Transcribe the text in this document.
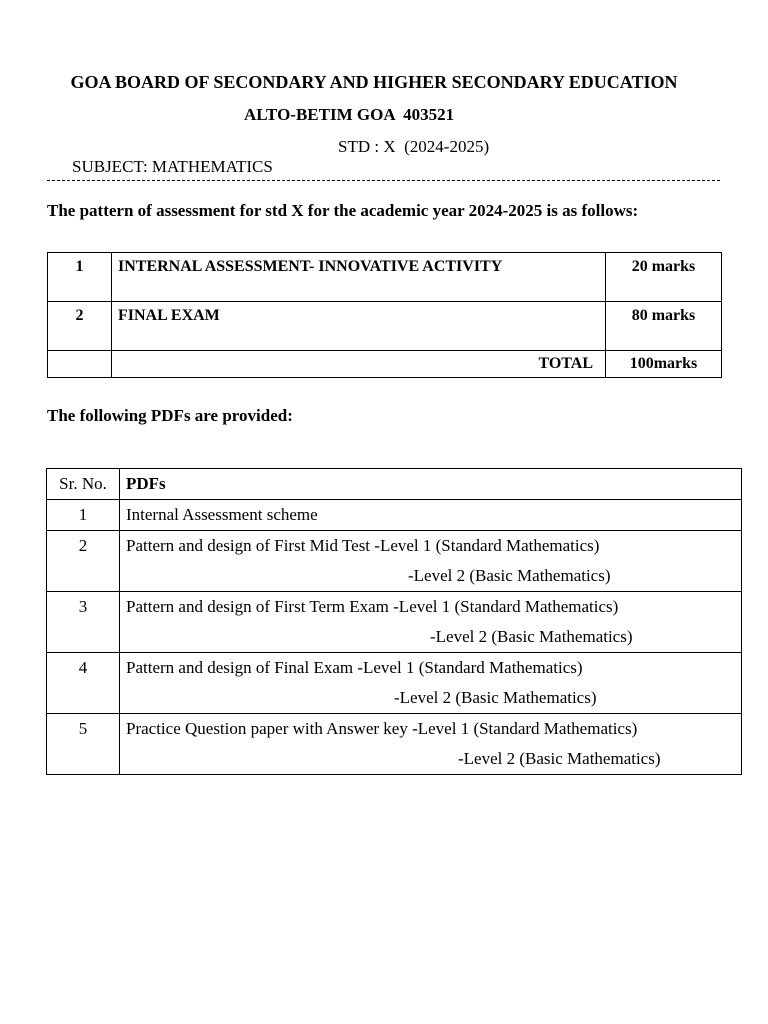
GOA BOARD OF SECONDARY AND HIGHER SECONDARY EDUCATION
ALTO-BETIM GOA  403521

SUBJECT: MATHEMATICS

STD : X  (2024-2025)

The pattern of assessment for std X for the academic year 2024-2025 is as follows:
1	INTERNAL ASSESSMENT- INNOVATIVE ACTIVITY	20 marks
2	FINAL EXAM	80 marks
	TOTAL	100marks
The following PDFs are provided:
Sr. No.	PDFs
1	Internal Assessment scheme

2	Pattern and design of First Mid Test -Level 1 (Standard Mathematics)
-Level 2 (Basic Mathematics)

3	Pattern and design of First Term Exam -Level 1 (Standard Mathematics)
-Level 2 (Basic Mathematics)

4	Pattern and design of Final Exam -Level 1 (Standard Mathematics)
-Level 2 (Basic Mathematics)

5	Practice Question paper with Answer key -Level 1 (Standard Mathematics)
-Level 2 (Basic Mathematics)
